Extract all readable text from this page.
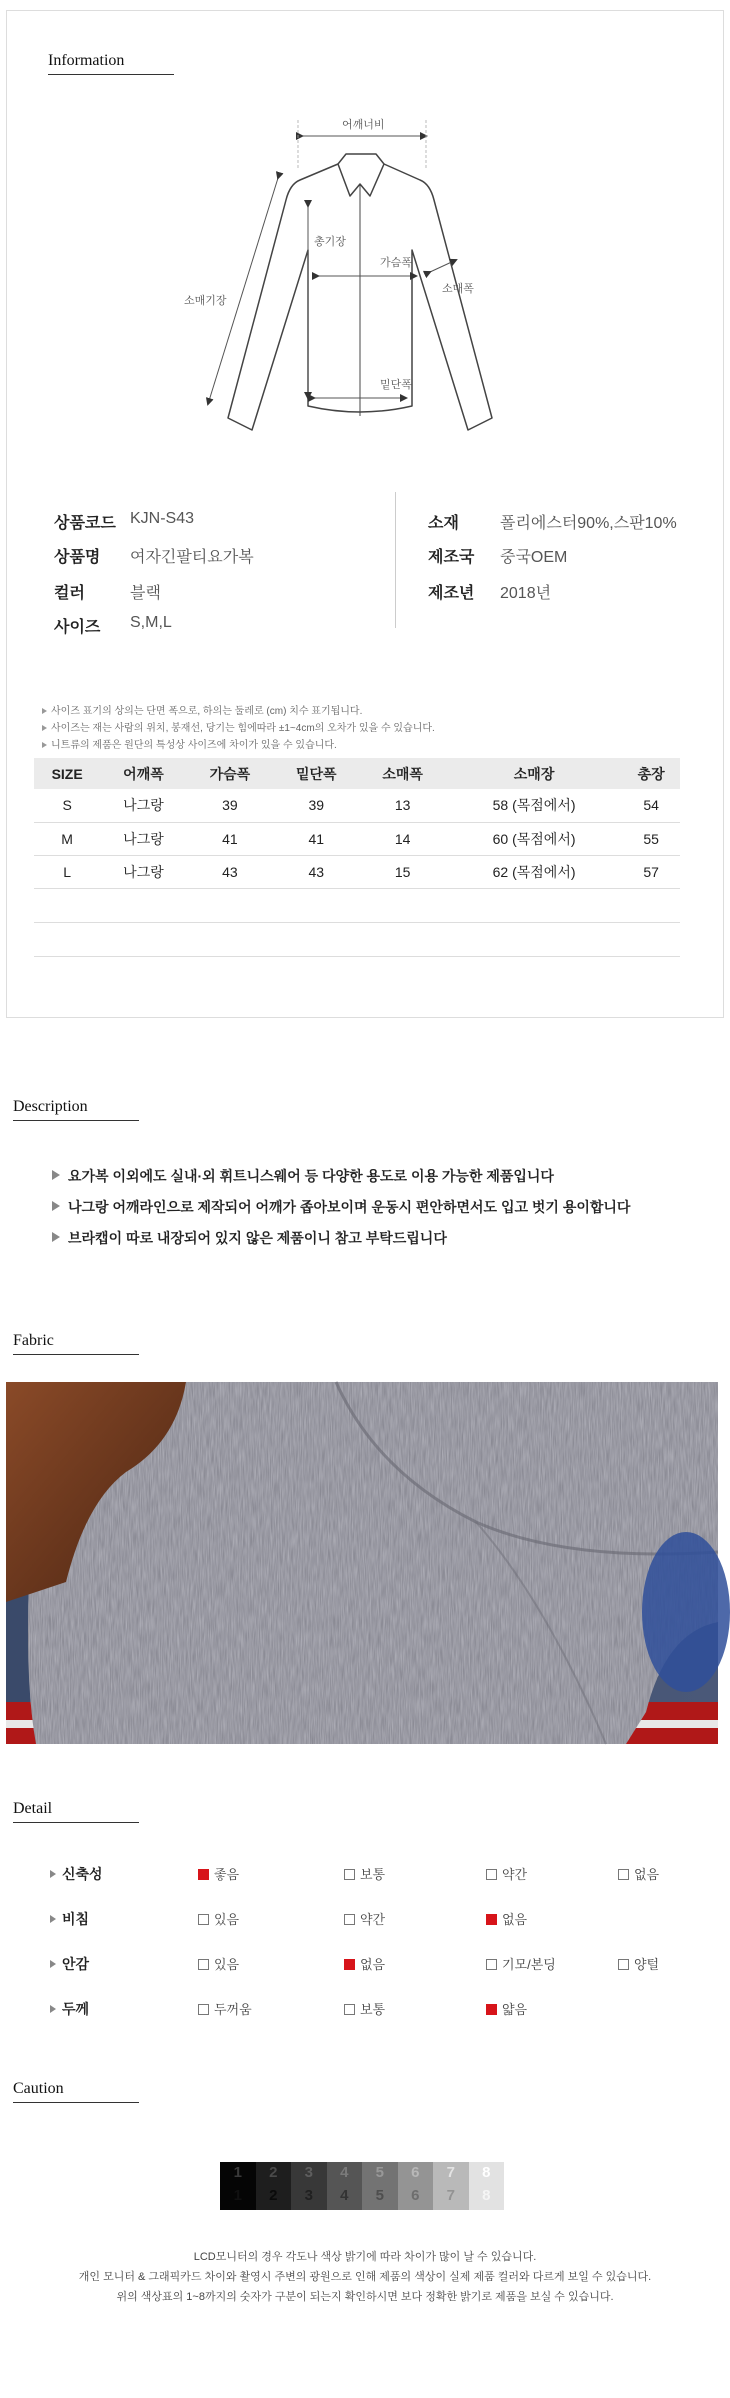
Information
어깨너비
총기장
가슴폭
소매폭
소매기장
밑단폭
상품코드 KJN-S43
상품명 여자긴팔티요가복
컬러	블랙
사이즈 S,M,L
소재	폴리에스터90%,스판10%
제조국 중국OEM
제조년 2018년
사이즈 표기의 상의는 단면 폭으로, 하의는 둘레로 (cm) 치수 표기됩니다.
사이즈는 재는 사람의 위치, 봉재선, 당기는 힘에따라 ±1~4cm의 오차가 있을 수 있습니다.
니트류의 제품은 원단의 특성상 사이즈에 차이가 있을 수 있습니다.
SIZE	어깨폭	가슴폭	밑단폭	소매폭	소매장	총장
S	나그랑	39	39	13	58 (목점에서)	54
M	나그랑	41	41	14	60 (목점에서)	55
L	나그랑	43	43	15	62 (목점에서)	57

Description
요가복 이외에도 실내·외 휘트니스웨어 등 다양한 용도로 이용 가능한 제품입니다
나그랑 어깨라인으로 제작되어 어깨가 좁아보이며 운동시 편안하면서도 입고 벗기 용이합니다
브라캡이 따로 내장되어 있지 않은 제품이니 참고 부탁드립니다
Fabric
Detail
신축성	좋음	보통	약간	없음
비침	있음	약간	없음
안감	있음	없음	기모/본딩	양털
두께	두꺼움	보통	얇음
Caution
1
1
2
2
3
3
4
4
5
5
6
6
7
7
8
8
LCD모니터의 경우 각도나 색상 밝기에 따라 차이가 많이 날 수 있습니다.
개인 모니터 & 그래픽카드 차이와 촬영시 주변의 광원으로 인해 제품의 색상이 실제 제품 컬러와 다르게 보일 수 있습니다.
위의 색상표의 1~8까지의 숫자가 구분이 되는지 확인하시면 보다 정확한 밝기로 제품을 보실 수 있습니다.
